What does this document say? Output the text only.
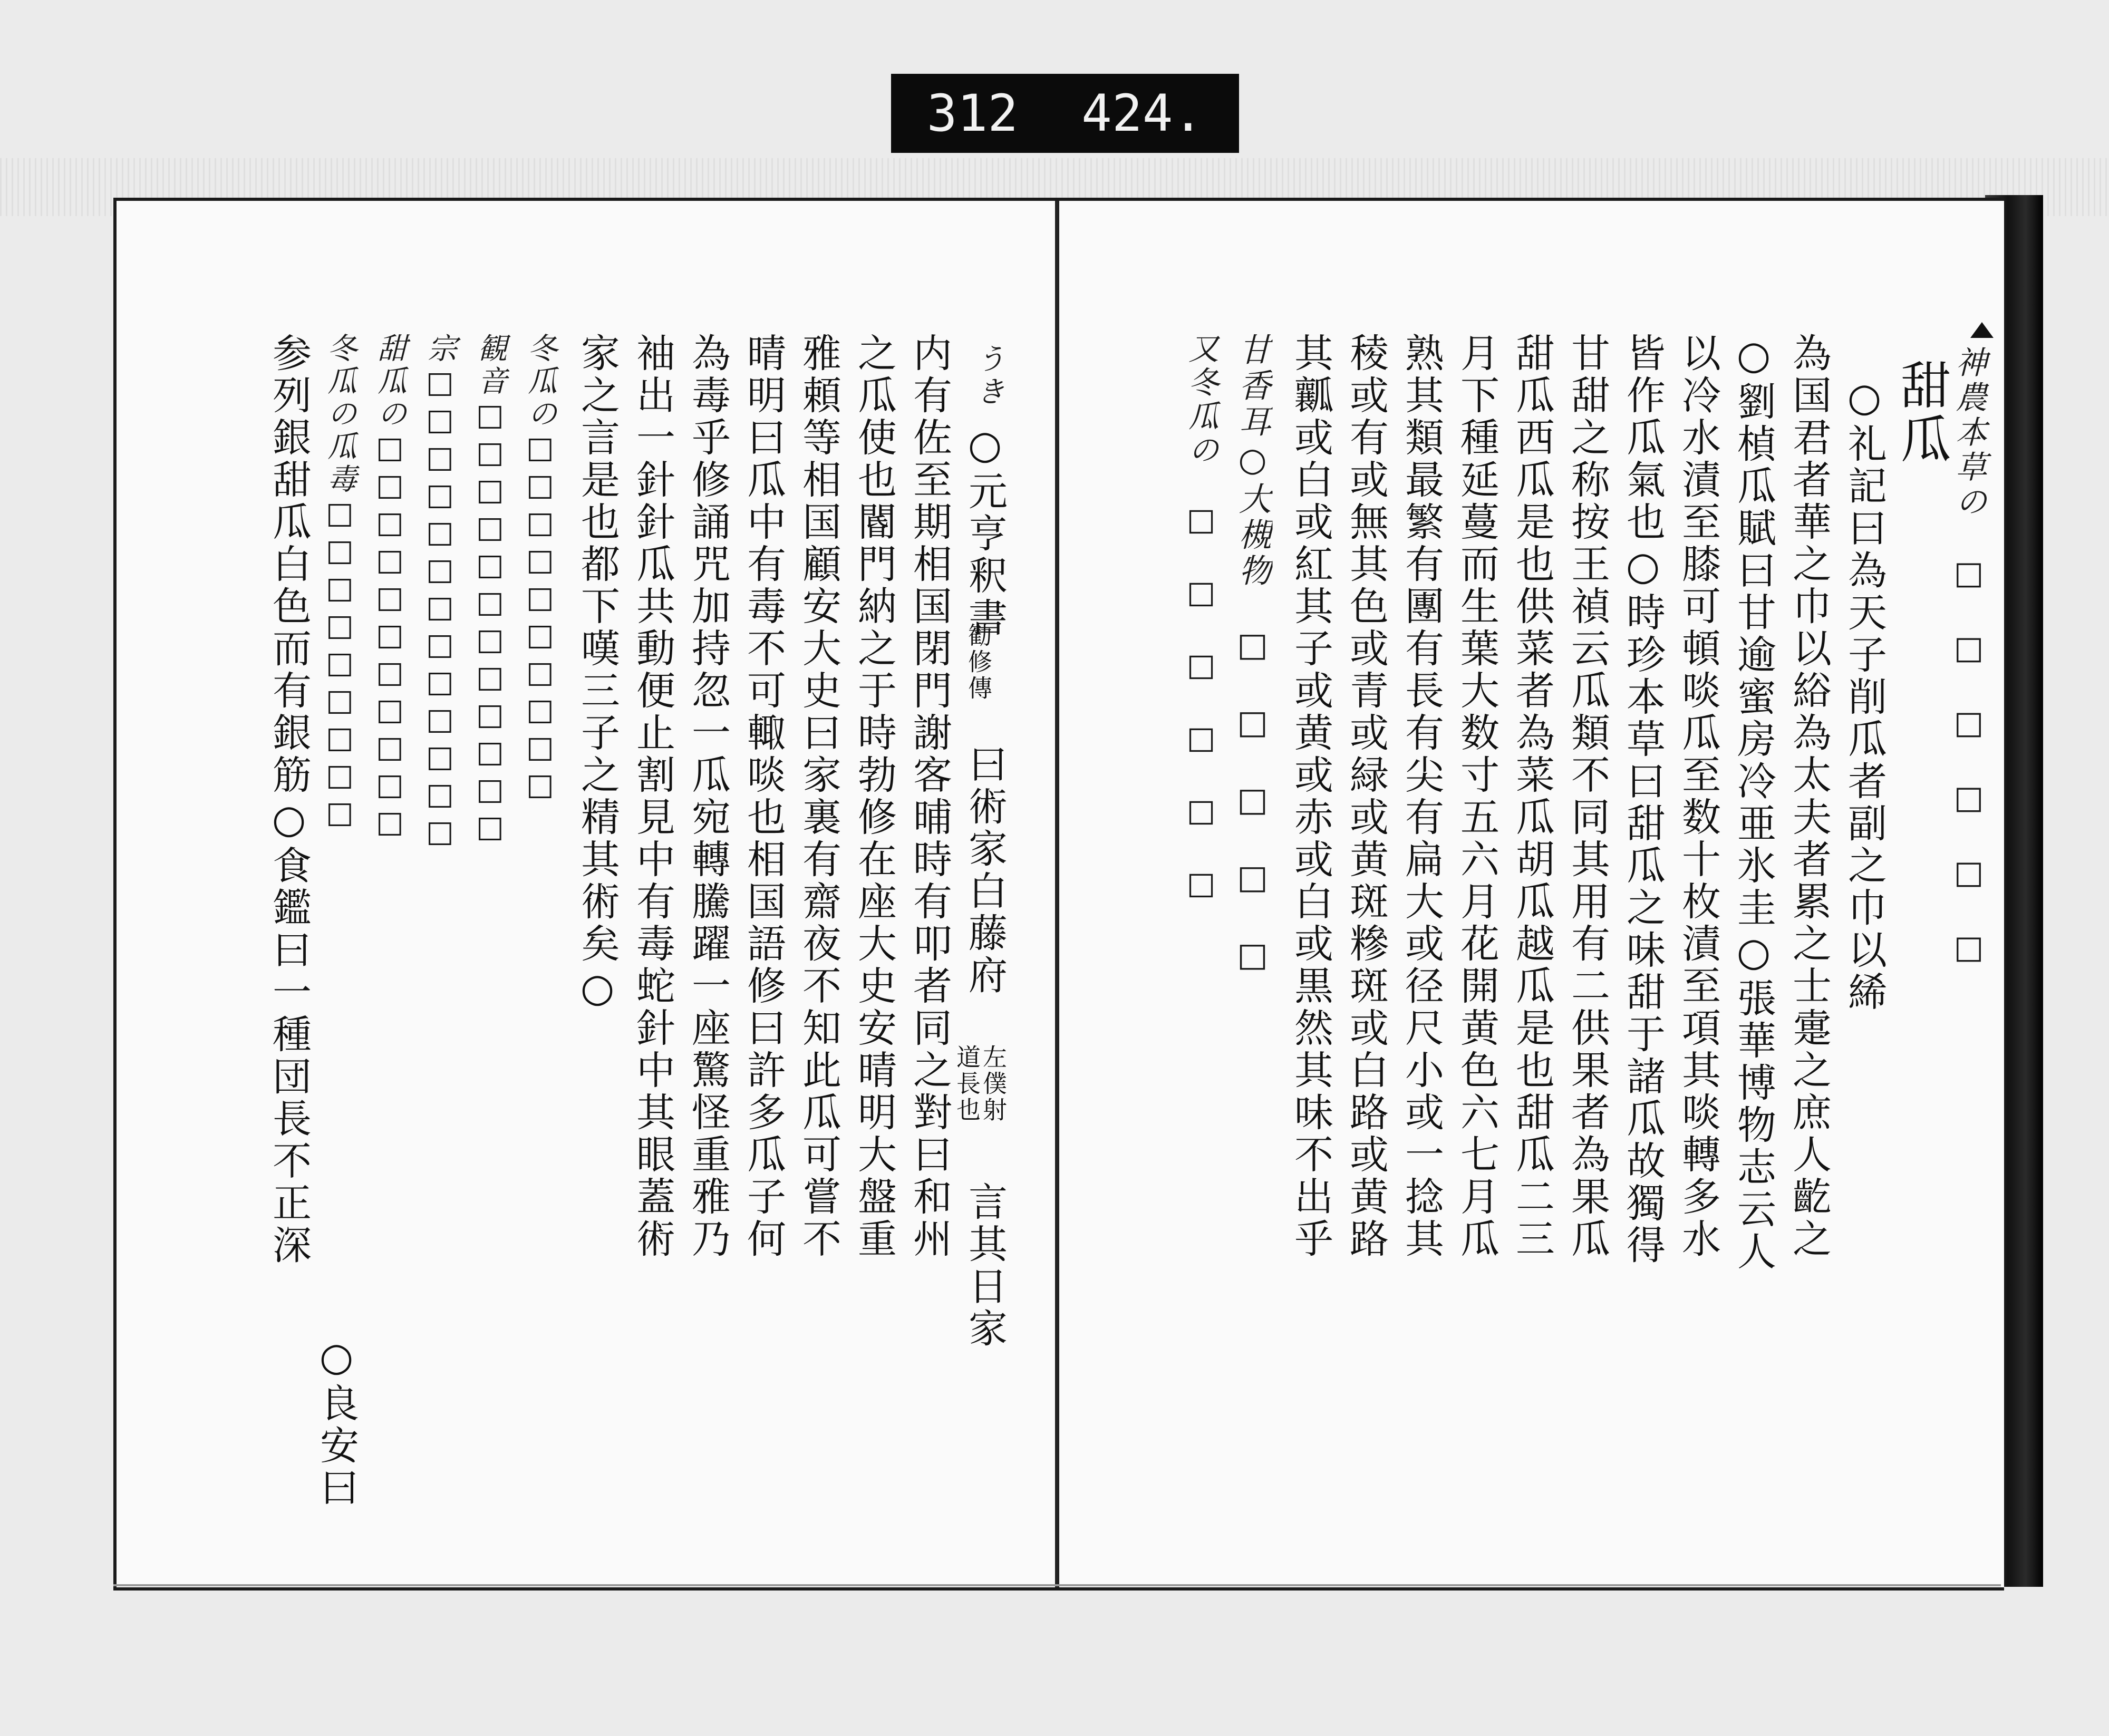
312 424.
神農本草の　□　□　□　□　□　□
甜瓜
　○礼記曰為天子削瓜者副之巾以絺
為国君者華之巾以綌為太夫者累之士疐之庶人齕之
○劉楨瓜賦曰甘逾蜜房冷亜氷圭○張華博物志云人
以冷水漬至膝可頓啖瓜至数十枚漬至項其啖轉多水
皆作瓜氣也○時珍本草曰甜瓜之味甜于諸瓜故獨得
甘甜之称按王禎云瓜類不同其用有二供果者為果瓜
甜瓜西瓜是也供菜者為菜瓜胡瓜越瓜是也甜瓜二三
月下種延蔓而生葉大数寸五六月花開黄色六七月瓜
熟其類最繁有團有長有尖有扁大或径尺小或一捻其
稜或有或無其色或青或緑或黄斑糝斑或白路或黄路
其瓤或白或紅其子或黄或赤或白或黒然其味不出乎
甘香耳○大槻物　□　□　□　□　□
又冬瓜の　□　□　□　□　□　□
うき
○元亨釈書
勧修傳
曰術家白藤府
左僕射
道長也
言其日家
内有佐至期相国閉門謝客晡時有叩者同之對曰和州
之瓜使也閽門納之于時勃修在座大史安晴明大盤重
雅頼等相国顧安大史曰家裏有齋夜不知此瓜可嘗不
晴明曰瓜中有毒不可輙啖也相国語修曰許多瓜子何
為毒乎修誦咒加持忽一瓜宛轉騰躍一座驚怪重雅乃
袖出一針針瓜共動便止割見中有毒蛇針中其眼蓋術
家之言是也都下嘆三子之精其術矣○
冬瓜の□□□□□□□□□□
観音□□□□□□□□□□□□
宗□□□□□□□□□□□□□
甜瓜の□□□□□□□□□□□
冬瓜の瓜毒□□□□□□□□□
○良安曰
参列銀甜瓜白色而有銀筋○食鑑曰一種団長不正深
